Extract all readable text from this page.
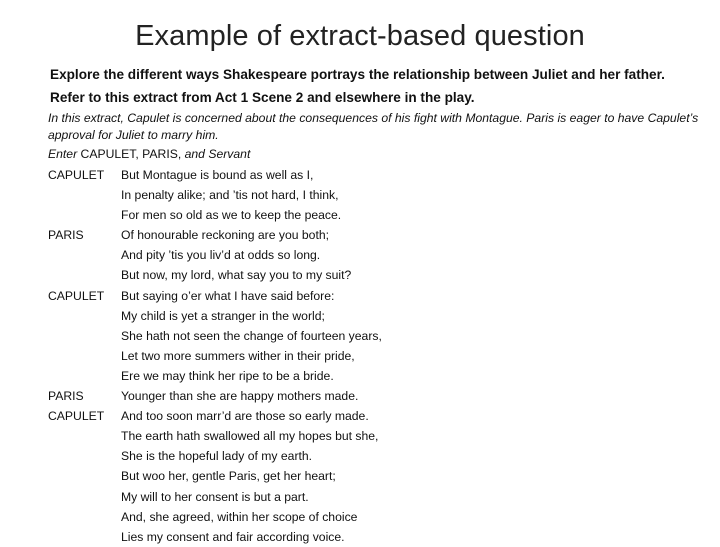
Example of extract-based question
Explore the different ways Shakespeare portrays the relationship between Juliet and her father.
Refer to this extract from Act 1 Scene 2 and elsewhere in the play.
In this extract, Capulet is concerned about the consequences of his fight with Montague. Paris is eager to have Capulet’s approval for Juliet to marry him.
Enter CAPULET, PARIS, and Servant
CAPULET But Montague is bound as well as I,
In penalty alike; and ’tis not hard, I think,
For men so old as we to keep the peace.
PARIS	Of honourable reckoning are you both;
And pity ’tis you liv’d at odds so long.
But now, my lord, what say you to my suit?
CAPULET But saying o’er what I have said before:
My child is yet a stranger in the world;
She hath not seen the change of fourteen years,
Let two more summers wither in their pride,
Ere we may think her ripe to be a bride.
PARIS	Younger than she are happy mothers made.
CAPULET And too soon marr’d are those so early made.
The earth hath swallowed all my hopes but she,
She is the hopeful lady of my earth.
But woo her, gentle Paris, get her heart;
My will to her consent is but a part.
And, she agreed, within her scope of choice
Lies my consent and fair according voice.
